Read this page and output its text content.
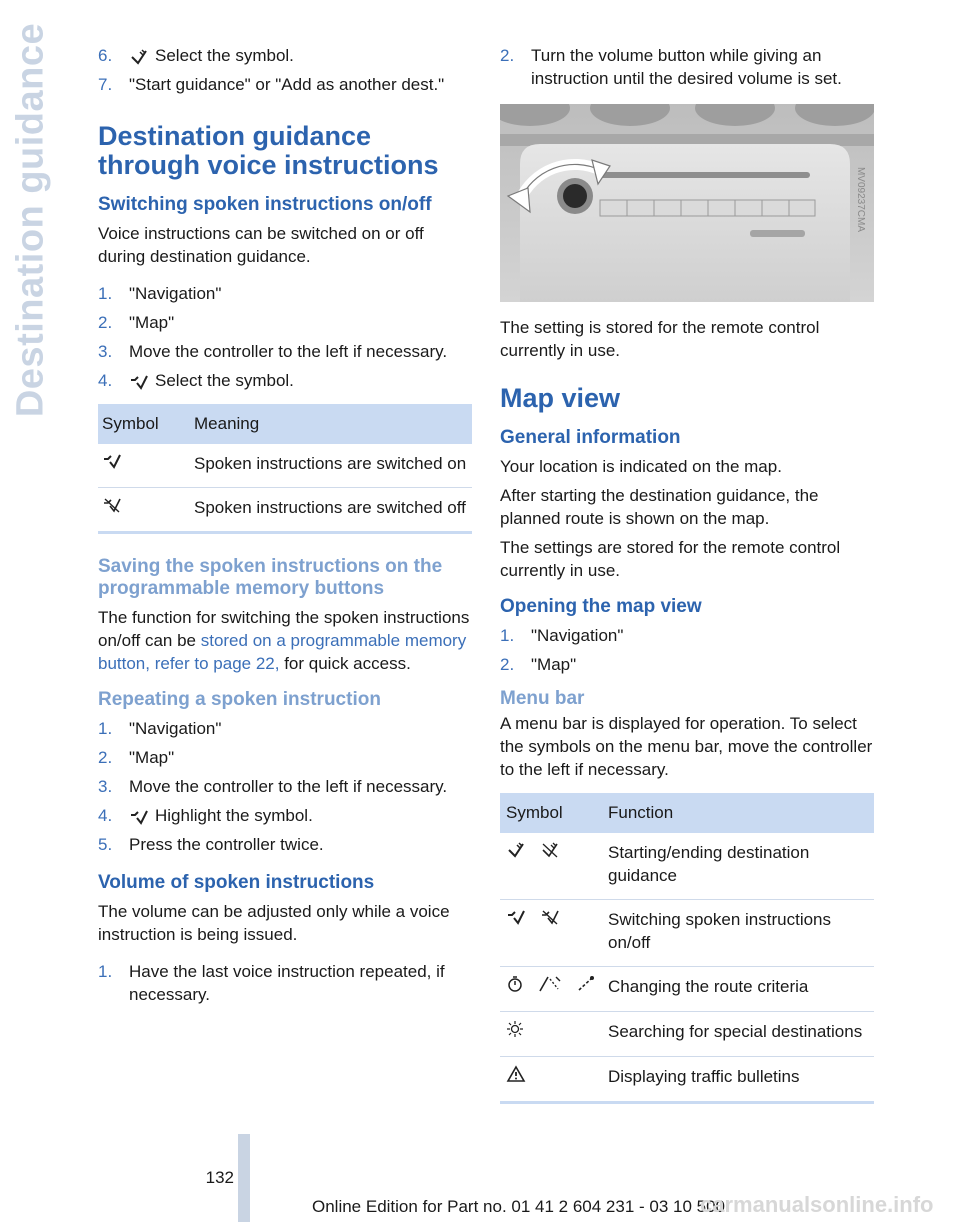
Destination guidance	6.	Select the symbol.
7. "Start guidance" or "Add as another dest."
Destination guidance through voice instructions
Switching spoken instructions on/off

Voice instructions can be switched on or off during destination guidance.

1. "Navigation"
2. "Map"
3. Move the controller to the left if necessary.
4.	Select the symbol.
Symbol	Meaning
	Spoken instructions are switched on
	Spoken instructions are switched off
Saving the spoken instructions on the programmable memory buttons

The function for switching the spoken instructions on/off can be stored on a programmable memory button, refer to page 22, for quick access.

Repeating a spoken instruction
1. "Navigation"
2. "Map"
3. Move the controller to the left if necessary.
4.	Highlight the symbol.
5. Press the controller twice.
Volume of spoken instructions

The volume can be adjusted only while a voice instruction is being issued.

1. Have the last voice instruction repeated, if necessary.
2. Turn the volume button while giving an instruction until the desired volume is set.
MV09237CMA

The setting is stored for the remote control currently in use.

Map view
General information

Your location is indicated on the map.

After starting the destination guidance, the planned route is shown on the map.

The settings are stored for the remote control currently in use.

Opening the map view
1. "Navigation"
2. "Map"
Menu bar

A menu bar is displayed for operation. To select the symbols on the menu bar, move the controller to the left if necessary.

Symbol	Function

	Starting/ending destination guidance

	Switching spoken instructions on/off

	Changing the route criteria

	Searching for special destinations

	Displaying traffic bulletins
132
Online Edition for Part no. 01 41 2 604 231 - 03 10 500
carmanualsonline.info
